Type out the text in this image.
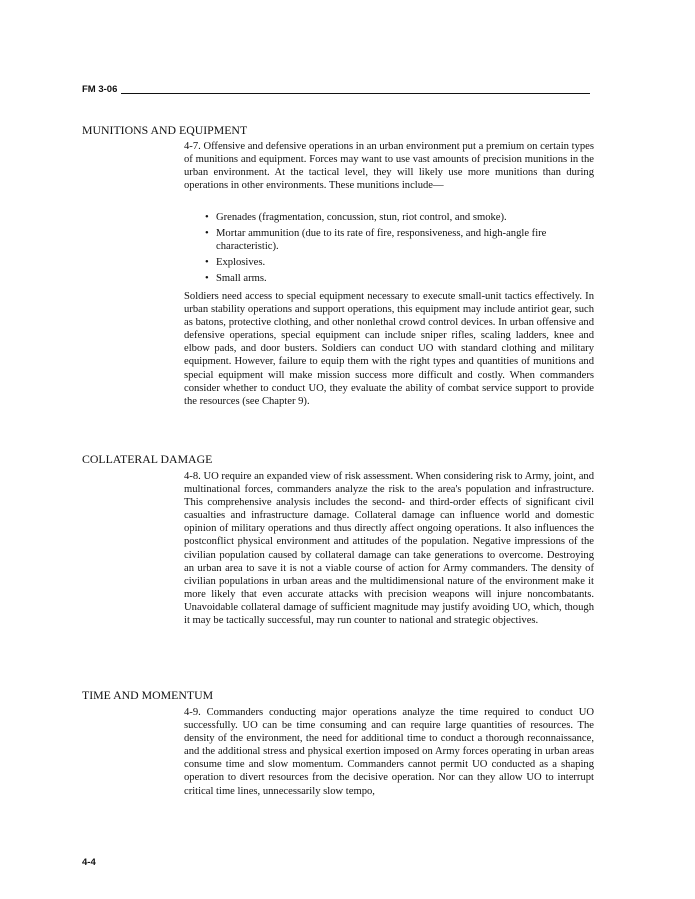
FM 3-06
MUNITIONS AND EQUIPMENT

4-7. Offensive and defensive operations in an urban environment put a premium on certain types of munitions and equipment. Forces may want to use vast amounts of precision munitions in the urban environment. At the tactical level, they will likely use more munitions than during operations in other environments. These munitions include—

• Grenades (fragmentation, concussion, stun, riot control, and smoke).
• Mortar ammunition (due to its rate of fire, responsiveness, and high-angle fire characteristic).
• Explosives.
• Small arms.

Soldiers need access to special equipment necessary to execute small-unit tactics effectively. In urban stability operations and support operations, this equipment may include antiriot gear, such as batons, protective clothing, and other nonlethal crowd control devices. In urban offensive and defensive operations, special equipment can include sniper rifles, scaling ladders, knee and elbow pads, and door busters. Soldiers can conduct UO with standard clothing and military equipment. However, failure to equip them with the right types and quantities of munitions and special equipment will make mission success more difficult and costly. When commanders consider whether to conduct UO, they evaluate the ability of combat service support to provide the resources (see Chapter 9).

COLLATERAL DAMAGE

4-8. UO require an expanded view of risk assessment. When considering risk to Army, joint, and multinational forces, commanders analyze the risk to the area's population and infrastructure. This comprehensive analysis includes the second- and third-order effects of significant civil casualties and infrastructure damage. Collateral damage can influence world and domestic opinion of military operations and thus directly affect ongoing operations. It also influences the postconflict physical environment and attitudes of the population. Negative impressions of the civilian population caused by collateral damage can take generations to overcome. Destroying an urban area to save it is not a viable course of action for Army commanders. The density of civilian populations in urban areas and the multidimensional nature of the environment make it more likely that even accurate attacks with precision weapons will injure noncombatants. Unavoidable collateral damage of sufficient magnitude may justify avoiding UO, which, though it may be tactically successful, may run counter to national and strategic objectives.

TIME AND MOMENTUM

4-9. Commanders conducting major operations analyze the time required to conduct UO successfully. UO can be time consuming and can require large quantities of resources. The density of the environment, the need for additional time to conduct a thorough reconnaissance, and the additional stress and physical exertion imposed on Army forces operating in urban areas consume time and slow momentum. Commanders cannot permit UO conducted as a shaping operation to divert resources from the decisive operation. Nor can they allow UO to interrupt critical time lines, unnecessarily slow tempo,

4-4
